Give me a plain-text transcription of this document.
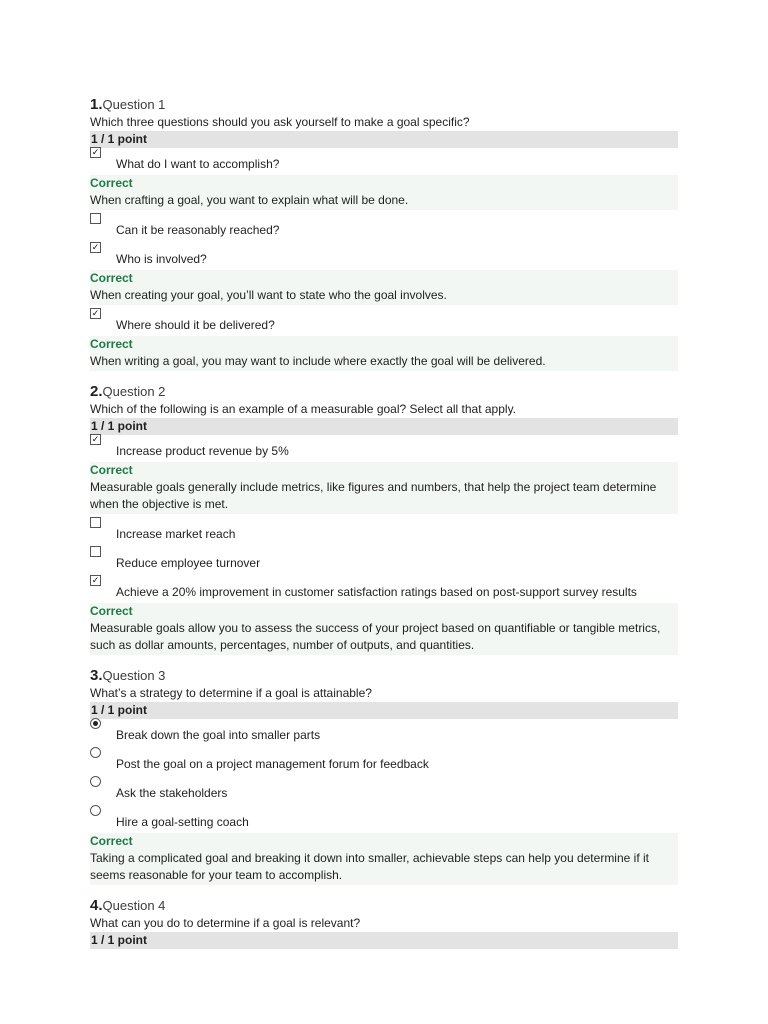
1. Question 1
Which three questions should you ask yourself to make a goal specific?
1 / 1 point
✓
What do I want to accomplish?
Correct
When crafting a goal, you want to explain what will be done.
Can it be reasonably reached?
✓
Who is involved?
Correct
When creating your goal, you’ll want to state who the goal involves.
✓
Where should it be delivered?
Correct
When writing a goal, you may want to include where exactly the goal will be delivered.
2. Question 2
Which of the following is an example of a measurable goal? Select all that apply.
1 / 1 point
✓
Increase product revenue by 5%
Correct
Measurable goals generally include metrics, like figures and numbers, that help the project team determine when the objective is met.
Increase market reach
Reduce employee turnover
✓
Achieve a 20% improvement in customer satisfaction ratings based on post-support survey results
Correct
Measurable goals allow you to assess the success of your project based on quantifiable or tangible metrics, such as dollar amounts, percentages, number of outputs, and quantities.
3. Question 3
What’s a strategy to determine if a goal is attainable?
1 / 1 point
Break down the goal into smaller parts
Post the goal on a project management forum for feedback
Ask the stakeholders
Hire a goal-setting coach
Correct
Taking a complicated goal and breaking it down into smaller, achievable steps can help you determine if it seems reasonable for your team to accomplish.
4. Question 4
What can you do to determine if a goal is relevant?
1 / 1 point
